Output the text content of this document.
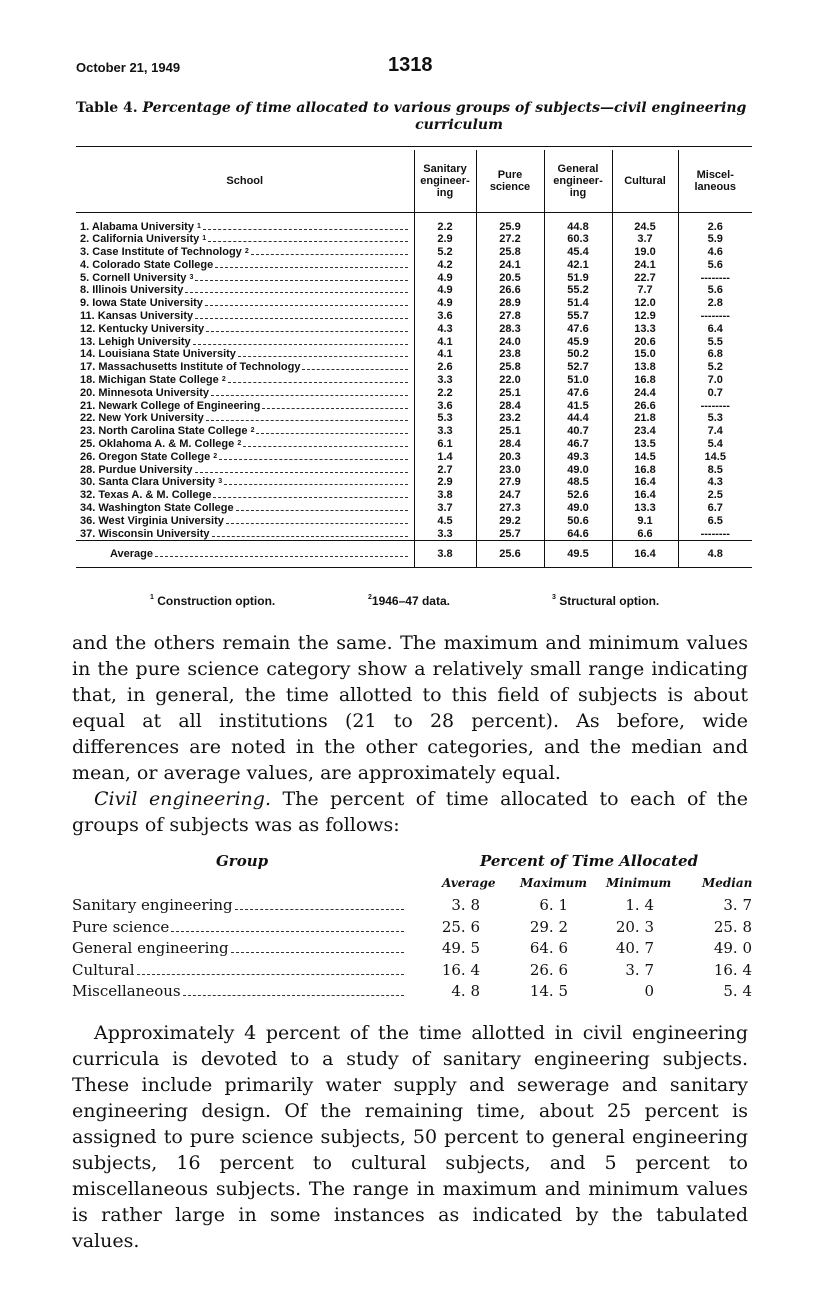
October 21, 1949	1318
Table 4. Percentage of time allocated to various groups of subjects—civil engineering
curriculum
School	Sanitary engineer-ing	Pure science	General engineer-ing	Cultural	Miscel-laneous

1. Alabama University $^1$	2.2	25.9	44.8	24.5	2.6

2. California University $^1$	2.9	27.2	60.3	3.7	5.9

3. Case Institute of Technology $^2$	5.2	25.8	45.4	19.0	4.6

4. Colorado State College	4.2	24.1	42.1	24.1	5.6

5. Cornell University $^3$	4.9	20.5	51.9	22.7	--------

8. Illinois University	4.9	26.6	55.2	7.7	5.6

9. Iowa State University	4.9	28.9	51.4	12.0	2.8

11. Kansas University	3.6	27.8	55.7	12.9	--------

12. Kentucky University	4.3	28.3	47.6	13.3	6.4

13. Lehigh University	4.1	24.0	45.9	20.6	5.5

14. Louisiana State University	4.1	23.8	50.2	15.0	6.8

17. Massachusetts Institute of Technology	2.6	25.8	52.7	13.8	5.2

18. Michigan State College $^2$	3.3	22.0	51.0	16.8	7.0

20. Minnesota University	2.2	25.1	47.6	24.4	0.7

21. Newark College of Engineering	3.6	28.4	41.5	26.6	--------

22. New York University	5.3	23.2	44.4	21.8	5.3

23. North Carolina State College $^2$	3.3	25.1	40.7	23.4	7.4

25. Oklahoma A. & M. College $^2$	6.1	28.4	46.7	13.5	5.4

26. Oregon State College $^2$	1.4	20.3	49.3	14.5	14.5

28. Purdue University	2.7	23.0	49.0	16.8	8.5

30. Santa Clara University $^3$	2.9	27.9	48.5	16.4	4.3

32. Texas A. & M. College	3.8	24.7	52.6	16.4	2.5

34. Washington State College	3.7	27.3	49.0	13.3	6.7

36. West Virginia University	4.5	29.2	50.6	9.1	6.5

37. Wisconsin University	3.3	25.7	64.6	6.6	--------

Average	3.8	25.6	49.5	16.4	4.8
$^1$ Construction option.	$^2$1946–47 data.	$^3$ Structural option.

and the others remain the same. The maximum and minimum values in the pure science category show a relatively small range indicating that, in general, the time allotted to this field of subjects is about equal at all institutions (21 to 28 percent). As before, wide differences are noted in the other categories, and the median and mean, or average values, are approximately equal.

Civil engineering. The percent of time allocated to each of the groups of subjects was as follows:

Group	Percent of Time Allocated
Average Maximum Minimum	Median
Sanitary engineering	3. 8	6. 1	1. 4	3. 7
Pure science	25. 6	29. 2	20. 3	25. 8
General engineering	49. 5	64. 6	40. 7	49. 0
Cultural	16. 4	26. 6	3. 7	16. 4
Miscellaneous	4. 8	14. 5	0	5. 4

Approximately 4 percent of the time allotted in civil engineering curricula is devoted to a study of sanitary engineering subjects. These include primarily water supply and sewerage and sanitary engineering design. Of the remaining time, about 25 percent is assigned to pure science subjects, 50 percent to general engineering subjects, 16 percent to cultural subjects, and 5 percent to miscellaneous subjects. The range in maximum and minimum values is rather large in some instances as indicated by the tabulated values.
